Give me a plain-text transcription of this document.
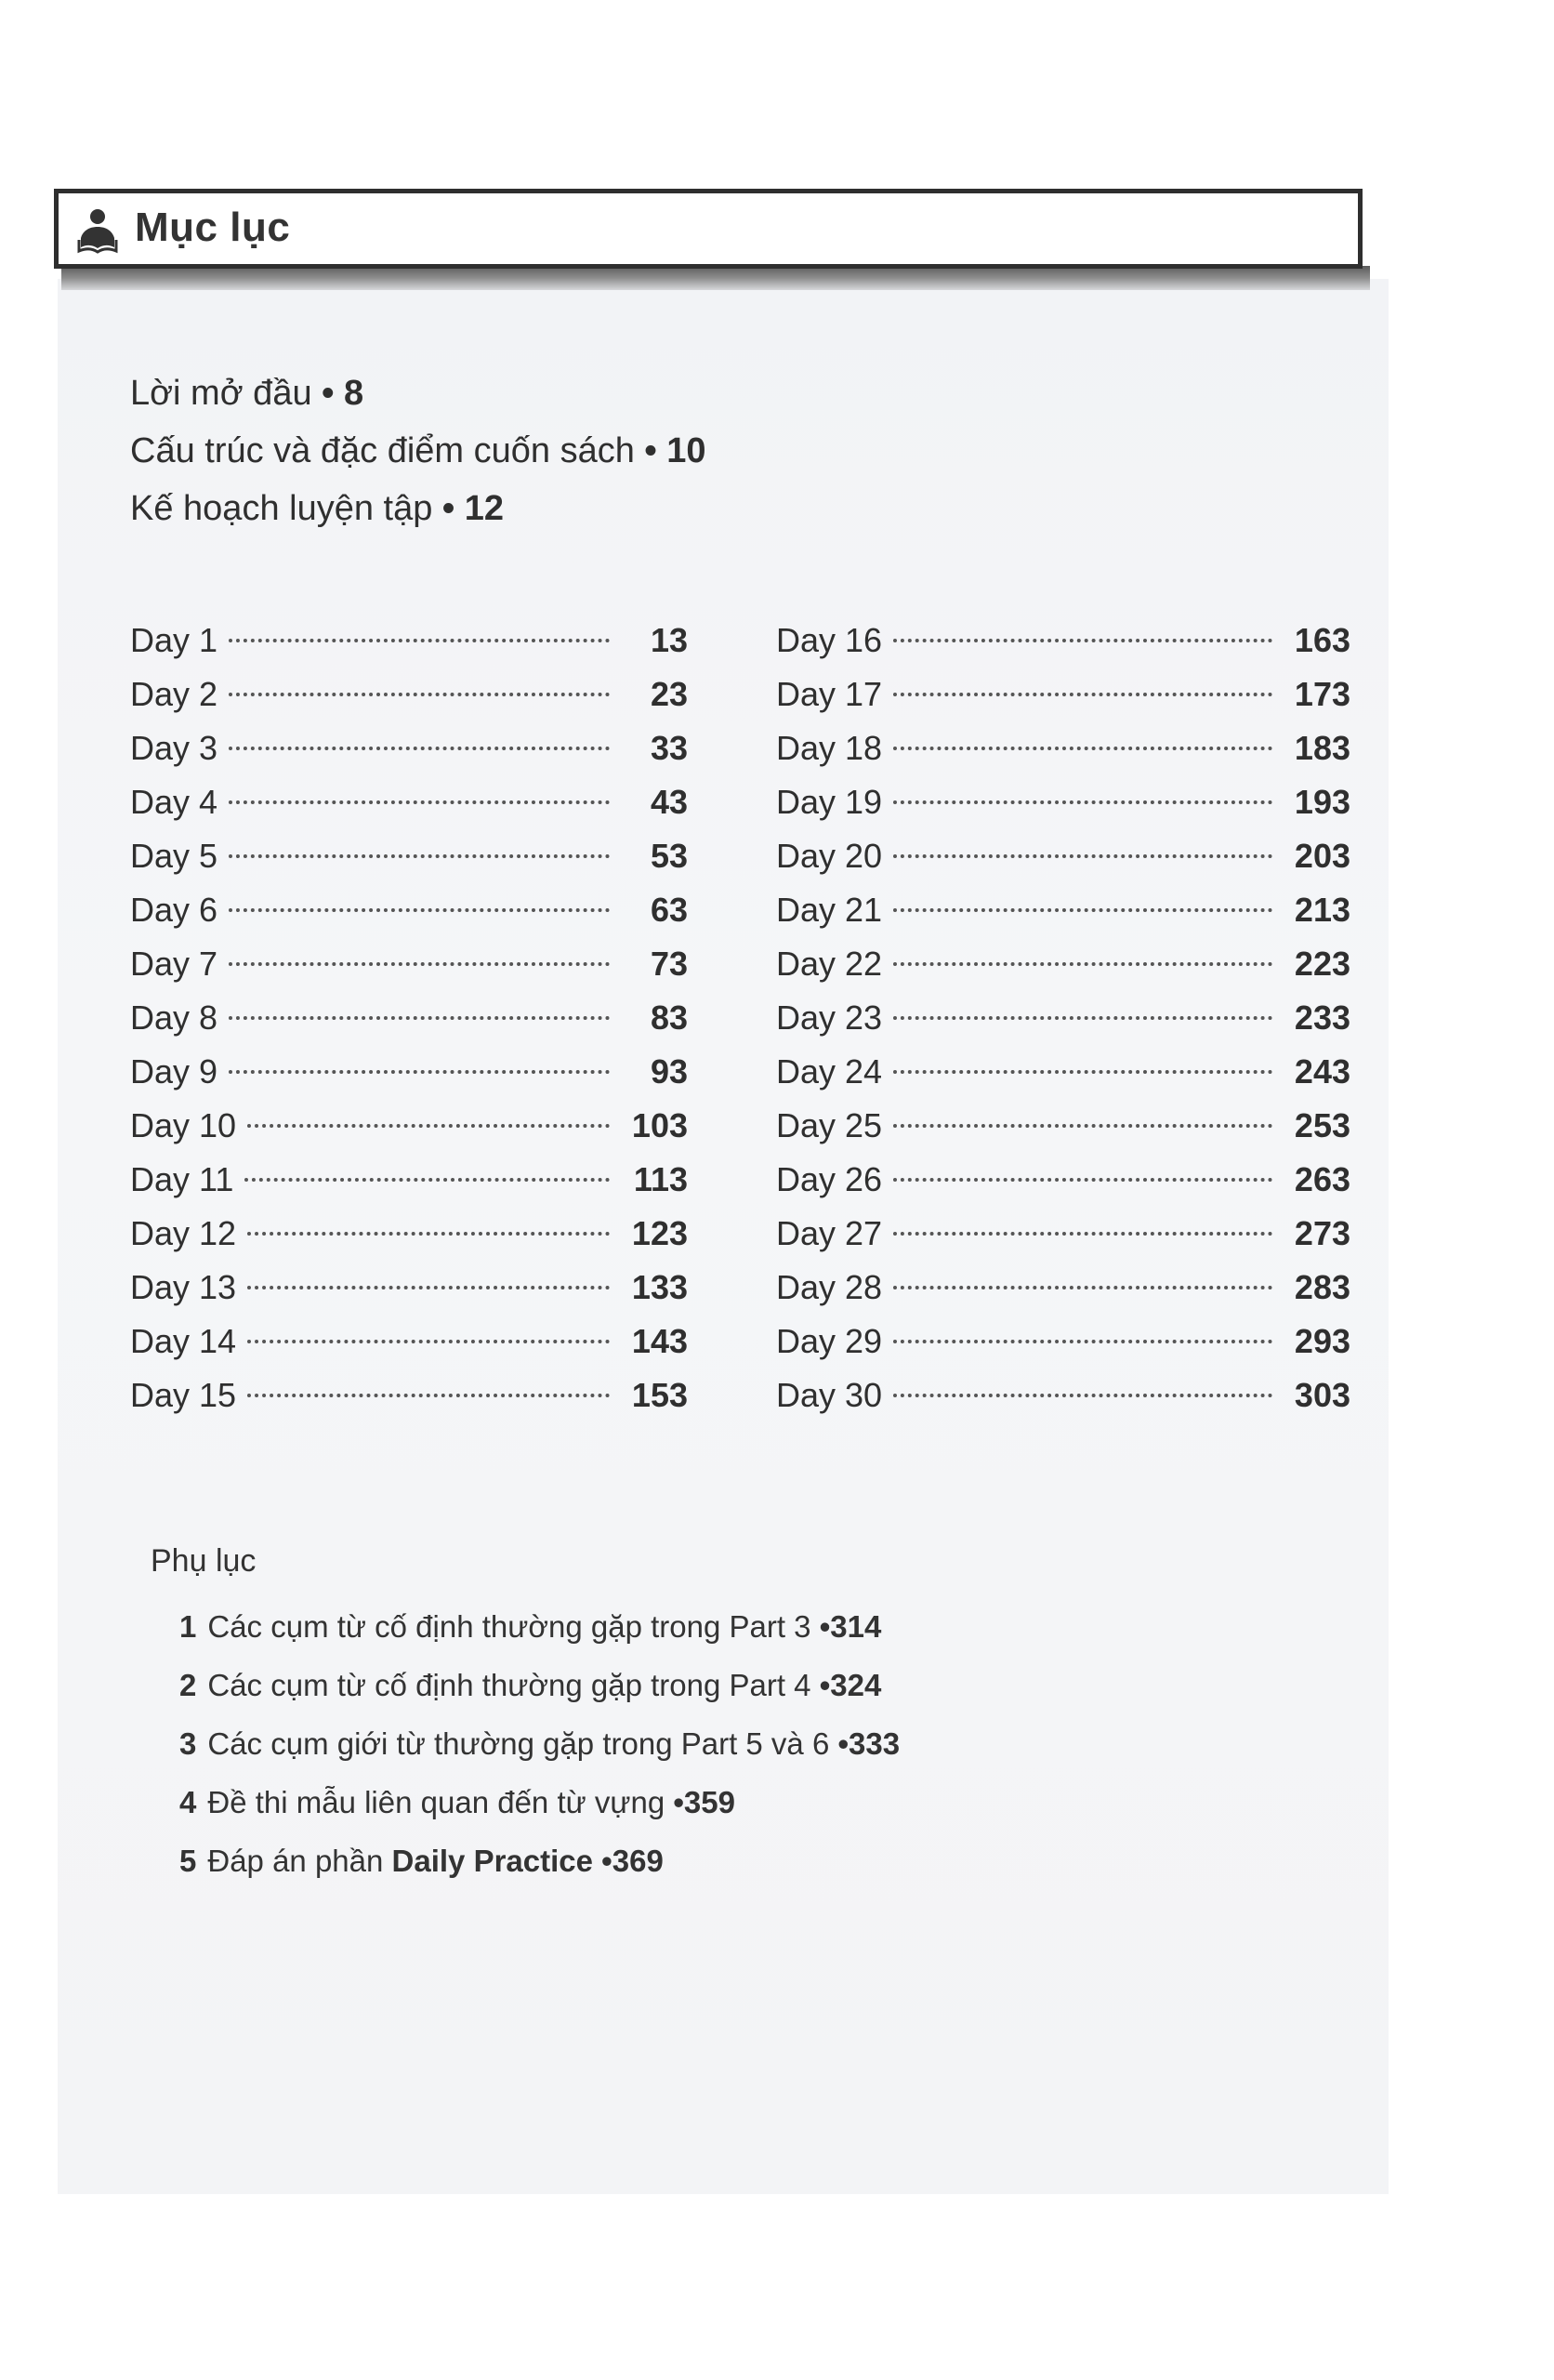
Mục lục
Lời mở đầu • 8
Cấu trúc và đặc điểm cuốn sách • 10
Kế hoạch luyện tập • 12
Day 1	13
Day 2	23
Day 3	33
Day 4	43
Day 5	53
Day 6	63
Day 7	73
Day 8	83
Day 9	93
Day 10	103
Day 11	113
Day 12	123
Day 13	133
Day 14	143
Day 15	153
Day 16	163
Day 17	173
Day 18	183
Day 19	193
Day 20	203
Day 21	213
Day 22	223
Day 23	233
Day 24	243
Day 25	253
Day 26	263
Day 27	273
Day 28	283
Day 29	293
Day 30	303
Phụ lục
1 Các cụm từ cố định thường gặp trong Part 3 •314
2 Các cụm từ cố định thường gặp trong Part 4 •324
3 Các cụm giới từ thường gặp trong Part 5 và 6 •333
4 Đề thi mẫu liên quan đến từ vựng •359
5 Đáp án phần Daily Practice •369
